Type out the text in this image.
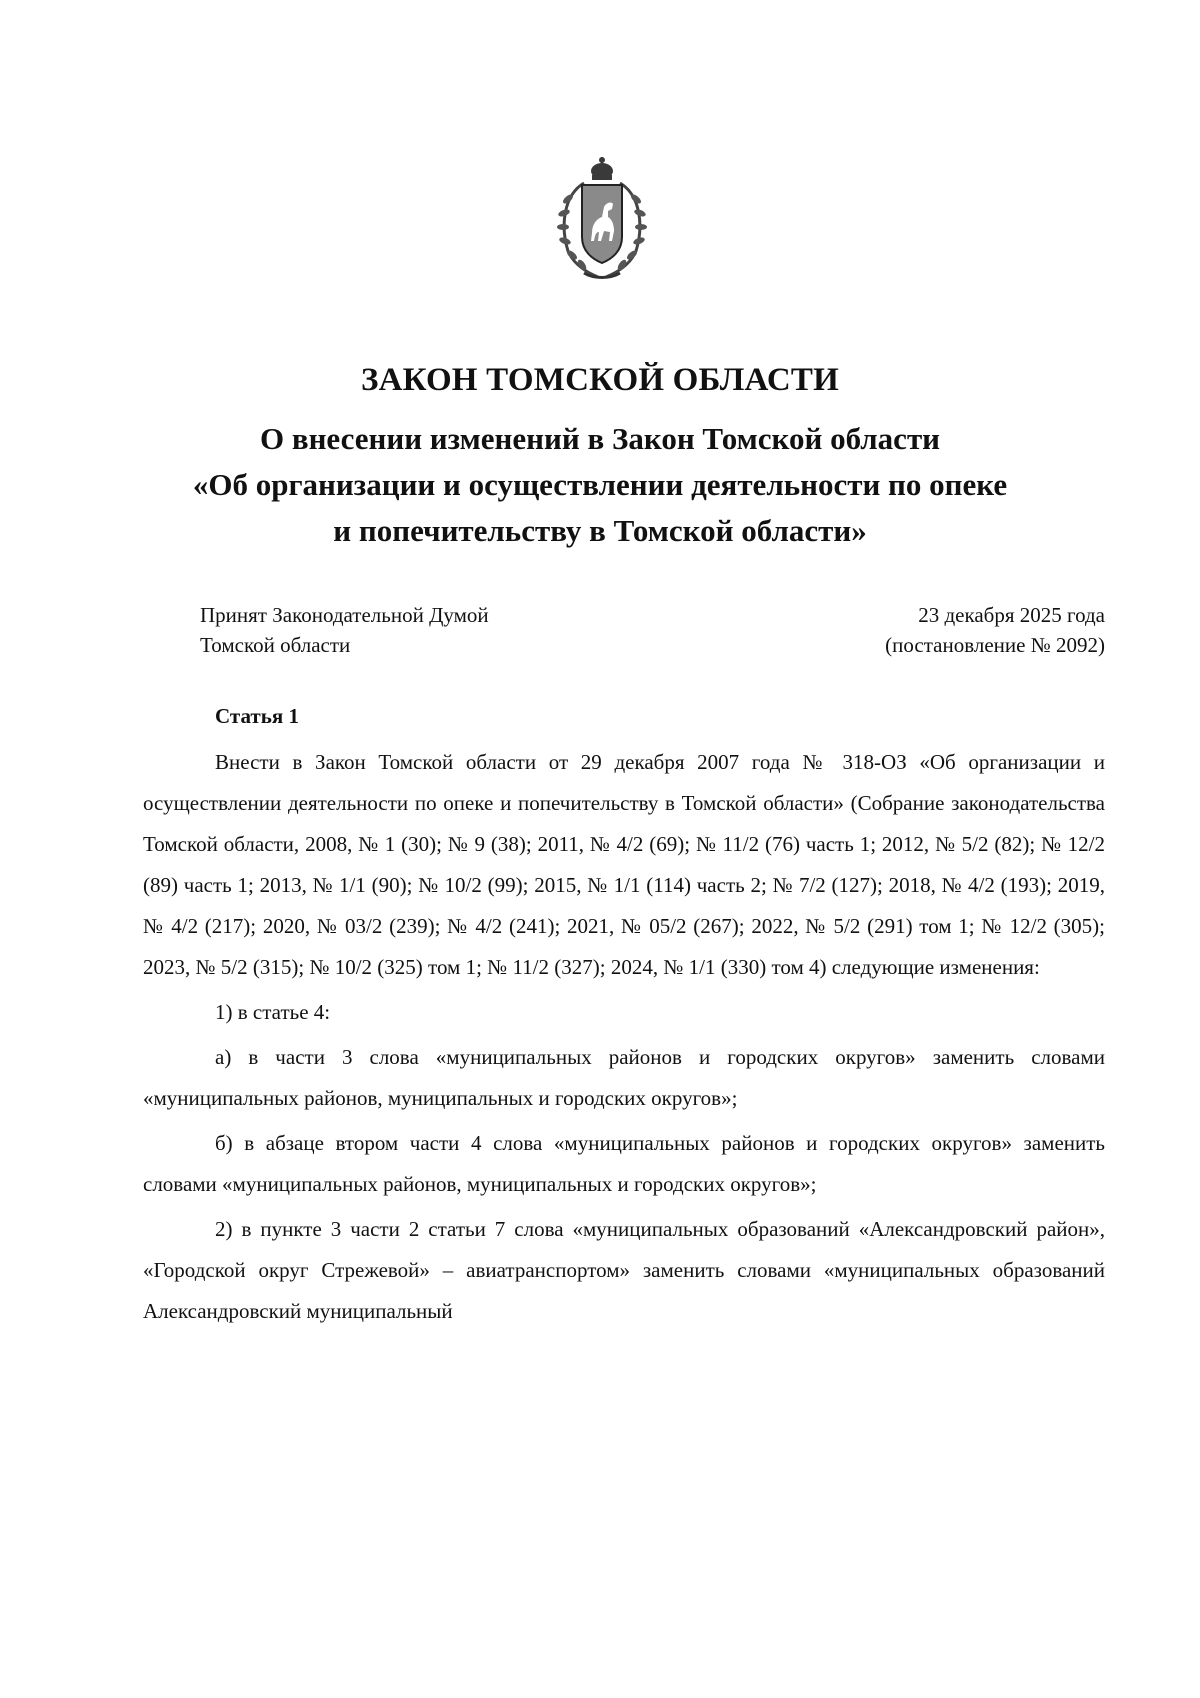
ЗАКОН ТОМСКОЙ ОБЛАСТИ

О внесении изменений в Закон Томской области

«Об организации и осуществлении деятельности по опеке

и попечительству в Томской области»

Принят Законодательной Думой
Томской области
23 декабря 2025 года
(постановление № 2092)

Статья 1

Внести в Закон Томской области от 29 декабря 2007 года № 318-ОЗ «Об организации и осуществлении деятельности по опеке и попечительству в Томской области» (Собрание законодательства Томской области, 2008, № 1 (30); № 9 (38); 2011, № 4/2 (69); № 11/2 (76) часть 1; 2012, № 5/2 (82); № 12/2 (89) часть 1; 2013, № 1/1 (90); № 10/2 (99); 2015, № 1/1 (114) часть 2; № 7/2 (127); 2018, № 4/2 (193); 2019, № 4/2 (217); 2020, № 03/2 (239); № 4/2 (241); 2021, № 05/2 (267); 2022, № 5/2 (291) том 1; № 12/2 (305); 2023, № 5/2 (315); № 10/2 (325) том 1; № 11/2 (327); 2024, № 1/1 (330) том 4) следующие изменения:

1) в статье 4:

а) в части 3 слова «муниципальных районов и городских округов» заменить словами «муниципальных районов, муниципальных и городских округов»;

б) в абзаце втором части 4 слова «муниципальных районов и городских округов» заменить словами «муниципальных районов, муниципальных и городских округов»;

2) в пункте 3 части 2 статьи 7 слова «муниципальных образований «Александровский район», «Городской округ Стрежевой» – авиатранспортом» заменить словами «муниципальных образований Александровский муниципальный
